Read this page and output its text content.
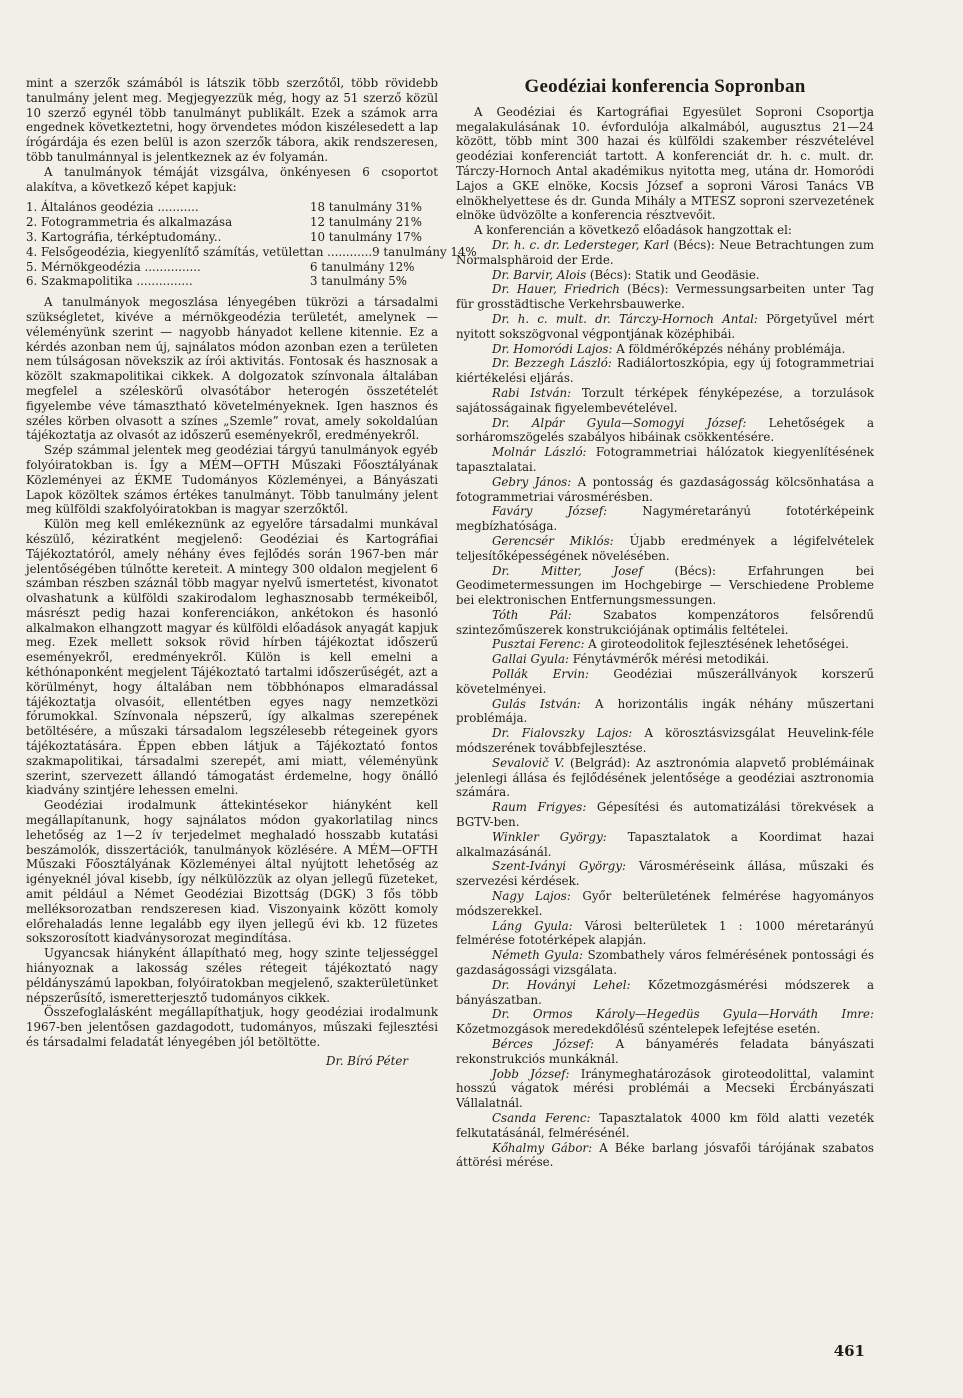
mint a szerzők számából is látszik több szerzőtől, több rövidebb tanulmány jelent meg. Megjegyezzük még, hogy az 51 szerző közül 10 szerző egynél több tanulmányt publikált. Ezek a számok arra engednek következtetni, hogy örvendetes módon kiszélesedett a lap írógárdája és ezen belül is azon szerzők tábora, akik rendszeresen, több tanulmánnyal is jelentkeznek az év folyamán.

A tanulmányok témáját vizsgálva, önkényesen 6 csoportot alakítva, a következő képet kapjuk:

1. Általános geodézia ...........	18 tanulmány 31%
2. Fotogrammetria és alkalmazása	12 tanulmány 21%
3. Kartográfia, térképtudomány..	10 tanulmány 17%
4. Felsőgeodézia, kiegyenlítő számítás, vetülettan ............ 9 tanulmány 14%
5. Mérnökgeodézia ...............	6 tanulmány 12%
6. Szakmapolitika ...............	3 tanulmány 5%

A tanulmányok megoszlása lényegében tükrözi a társadalmi szükségletet, kivéve a mérnökgeodézia területét, amelynek — véleményünk szerint — nagyobb hányadot kellene kitennie. Ez a kérdés azonban nem új, sajnálatos módon azonban ezen a területen nem túlságosan növekszik az írói aktivitás. Fontosak és hasznosak a közölt szakmapolitikai cikkek. A dolgozatok színvonala általában megfelel a széleskörű olvasótábor heterogén összetételét figyelembe véve támasztható követelményeknek. Igen hasznos és széles körben olvasott a színes „Szemle” rovat, amely sokoldalúan tájékoztatja az olvasót az időszerű eseményekről, eredményekről.

Szép számmal jelentek meg geodéziai tárgyú tanulmányok egyéb folyóiratokban is. Így a MÉM—OFTH Műszaki Főosztályának Közleményei az ÉKME Tudományos Közleményei, a Bányászati Lapok közöltek számos értékes tanulmányt. Több tanulmány jelent meg külföldi szakfolyóiratokban is magyar szerzőktől.

Külön meg kell emlékeznünk az egyelőre társadalmi munkával készülő, kéziratként megjelenő: Geodéziai és Kartográfiai Tájékoztatóról, amely néhány éves fejlődés során 1967-ben már jelentőségében túlnőtte kereteit. A mintegy 300 oldalon megjelent 6 számban részben száznál több magyar nyelvű ismertetést, kivonatot olvashatunk a külföldi szakirodalom leghasznosabb termékeiből, másrészt pedig hazai konferenciákon, ankétokon és hasonló alkalmakon elhangzott magyar és külföldi előadások anyagát kapjuk meg. Ezek mellett soksok rövid hírben tájékoztat időszerű eseményekről, eredményekről. Külön is kell emelni a kéthónaponként megjelent Tájékoztató tartalmi időszerűségét, azt a körülményt, hogy általában nem többhónapos elmaradással tájékoztatja olvasóit, ellentétben egyes nagy nemzetközi fórumokkal. Színvonala népszerű, így alkalmas szerepének betöltésére, a műszaki társadalom legszélesebb rétegeinek gyors tájékoztatására. Éppen ebben látjuk a Tájékoztató fontos szakmapolitikai, társadalmi szerepét, ami miatt, véleményünk szerint, szervezett állandó támogatást érdemelne, hogy önálló kiadvány szintjére lehessen emelni.

Geodéziai irodalmunk áttekintésekor hiányként kell megállapítanunk, hogy sajnálatos módon gyakorlatilag nincs lehetőség az 1—2 ív terjedelmet meghaladó hosszabb kutatási beszámolók, disszertációk, tanulmányok közlésére. A MÉM—OFTH Műszaki Főosztályának Közleményei által nyújtott lehetőség az igényeknél jóval kisebb, így nélkülözzük az olyan jellegű füzeteket, amit például a Német Geodéziai Bizottság (DGK) 3 fős több melléksorozatban rendszeresen kiad. Viszonyaink között komoly előrehaladás lenne legalább egy ilyen jellegű évi kb. 12 füzetes sokszorosított kiadványsorozat megindítása.

Ugyancsak hiányként állapítható meg, hogy szinte teljességgel hiányoznak a lakosság széles rétegeit tájékoztató nagy példányszámú lapokban, folyóiratokban megjelenő, szakterületünket népszerűsítő, ismeretterjesztő tudományos cikkek.

Összefoglalásként megállapíthatjuk, hogy geodéziai irodalmunk 1967-ben jelentősen gazdagodott, tudományos, műszaki fejlesztési és társadalmi feladatát lényegében jól betöltötte.

Dr. Bíró Péter
Geodéziai konferencia Sopronban

A Geodéziai és Kartográfiai Egyesület Soproni Csoportja megalakulásának 10. évfordulója alkalmából, augusztus 21—24 között, több mint 300 hazai és külföldi szakember részvételével geodéziai konferenciát tartott. A konferenciát dr. h. c. mult. dr. Tárczy-Hornoch Antal akadémikus nyitotta meg, utána dr. Homoródi Lajos a GKE elnöke, Kocsis József a soproni Városi Tanács VB elnökhelyettese és dr. Gunda Mihály a MTESZ soproni szervezetének elnöke üdvözölte a konferencia résztvevőit.

A konferencián a következő előadások hangzottak el:

Dr. h. c. dr. Ledersteger, Karl (Bécs): Neue Betrachtungen zum Normalsphäroid der Erde.

Dr. Barvir, Alois (Bécs): Statik und Geodäsie.

Dr. Hauer, Friedrich (Bécs): Vermessungsarbeiten unter Tag für grosstädtische Verkehrsbauwerke.

Dr. h. c. mult. dr. Tárczy-Hornoch Antal: Pörgetyűvel mért nyitott sokszögvonal végpontjának középhibái.

Dr. Homoródi Lajos: A földmérőképzés néhány problémája.

Dr. Bezzegh László: Radiálortoszkópia, egy új fotogrammetriai kiértékelési eljárás.

Rabi István: Torzult térképek fényképezése, a torzulások sajátosságainak figyelembevételével.

Dr. Alpár Gyula—Somogyi József: Lehetőségek a sorháromszögelés szabályos hibáinak csökkentésére.

Molnár László: Fotogrammetriai hálózatok kiegyenlítésének tapasztalatai.

Gebry János: A pontosság és gazdaságosság kölcsönhatása a fotogrammetriai városmérésben.

Faváry József: Nagyméretarányú fototérképeink megbízhatósága.

Gerencsér Miklós: Újabb eredmények a légifelvételek teljesítőképességének növelésében.

Dr. Mitter, Josef (Bécs): Erfahrungen bei Geodimetermessungen im Hochgebirge — Verschiedene Probleme bei elektronischen Entfernungsmessungen.

Tóth Pál: Szabatos kompenzátoros felsőrendű szintezőműszerek konstrukciójának optimális feltételei.

Pusztai Ferenc: A giroteodolitok fejlesztésének lehetőségei.

Gallai Gyula: Fénytávmérők mérési metodikái.

Pollák Ervin: Geodéziai műszerállványok korszerű követelményei.

Gulás István: A horizontális ingák néhány műszertani problémája.

Dr. Fialovszky Lajos: A körosztásvizsgálat Heuvelink-féle módszerének továbbfejlesztése.

Sevalovič V. (Belgrád): Az asztronómia alapvető problémáinak jelenlegi állása és fejlődésének jelentősége a geodéziai asztronomia számára.

Raum Frigyes: Gépesítési és automatizálási törekvések a BGTV-ben.

Winkler György: Tapasztalatok a Koordimat hazai alkalmazásánál.

Szent-Iványi György: Városméréseink állása, műszaki és szervezési kérdések.

Nagy Lajos: Győr belterületének felmérése hagyományos módszerekkel.

Láng Gyula: Városi belterületek 1 : 1000 méretarányú felmérése fototérképek alapján.

Németh Gyula: Szombathely város felmérésének pontossági és gazdaságossági vizsgálata.

Dr. Hoványi Lehel: Kőzetmozgásmérési módszerek a bányászatban.

Dr. Ormos Károly—Hegedüs Gyula—Horváth Imre: Kőzetmozgások meredekdőlésű széntelepek lefejtése esetén.

Bérces József: A bányamérés feladata bányászati rekonstrukciós munkáknál.

Jobb József: Iránymeghatározások giroteodolittal, valamint hosszú vágatok mérési problémái a Mecseki Ércbányászati Vállalatnál.

Csanda Ferenc: Tapasztalatok 4000 km föld alatti vezeték felkutatásánál, felmérésénél.

Kőhalmy Gábor: A Béke barlang jósvafői tárójának szabatos áttörési mérése.

461
